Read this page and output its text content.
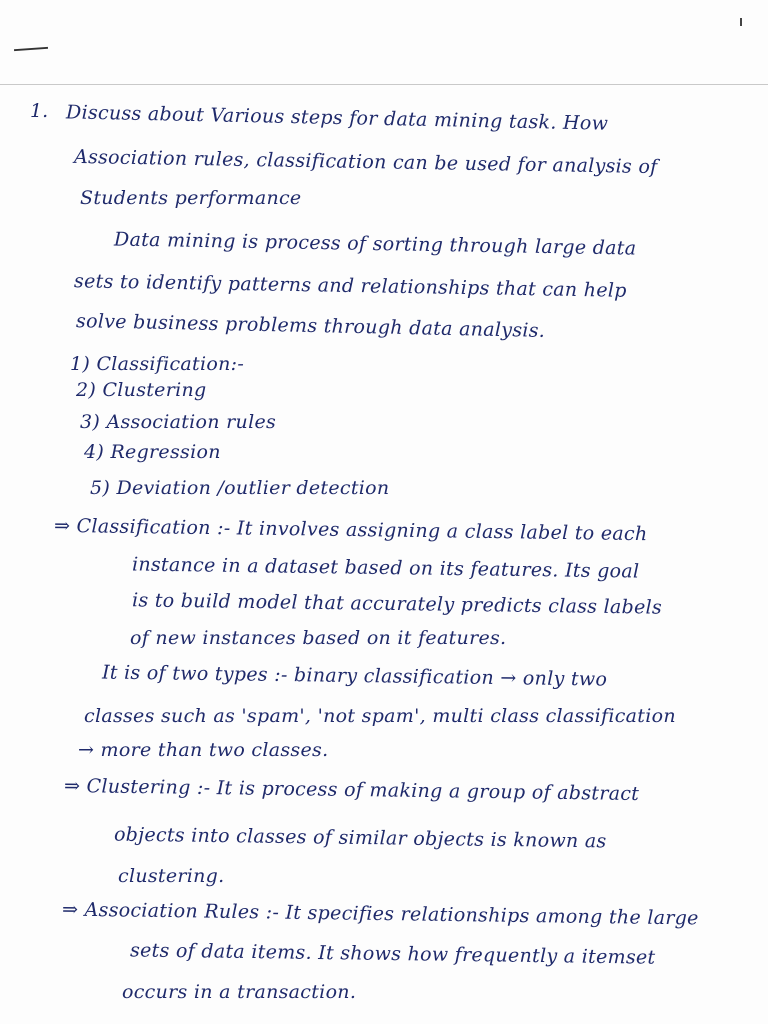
1. Discuss about Various steps for data mining task. How
Association rules, classification can be used for analysis of
Students performance
Data mining is process of sorting through large data
sets to identify patterns and relationships that can help
solve business problems through data analysis.
1) Classification:-
2) Clustering
3) Association rules
4) Regression
5) Deviation /outlier detection
⇒ Classification :- It involves assigning a class label to each
instance in a dataset based on its features. Its goal
is to build model that accurately predicts class labels
of new instances based on it features.
It is of two types :- binary classification → only two
classes such as 'spam', 'not spam', multi class classification
→ more than two classes.
⇒ Clustering :- It is process of making a group of abstract
objects into classes of similar objects is known as
clustering.
⇒ Association Rules :- It specifies relationships among the large
sets of data items. It shows how frequently a itemset
occurs in a transaction.
